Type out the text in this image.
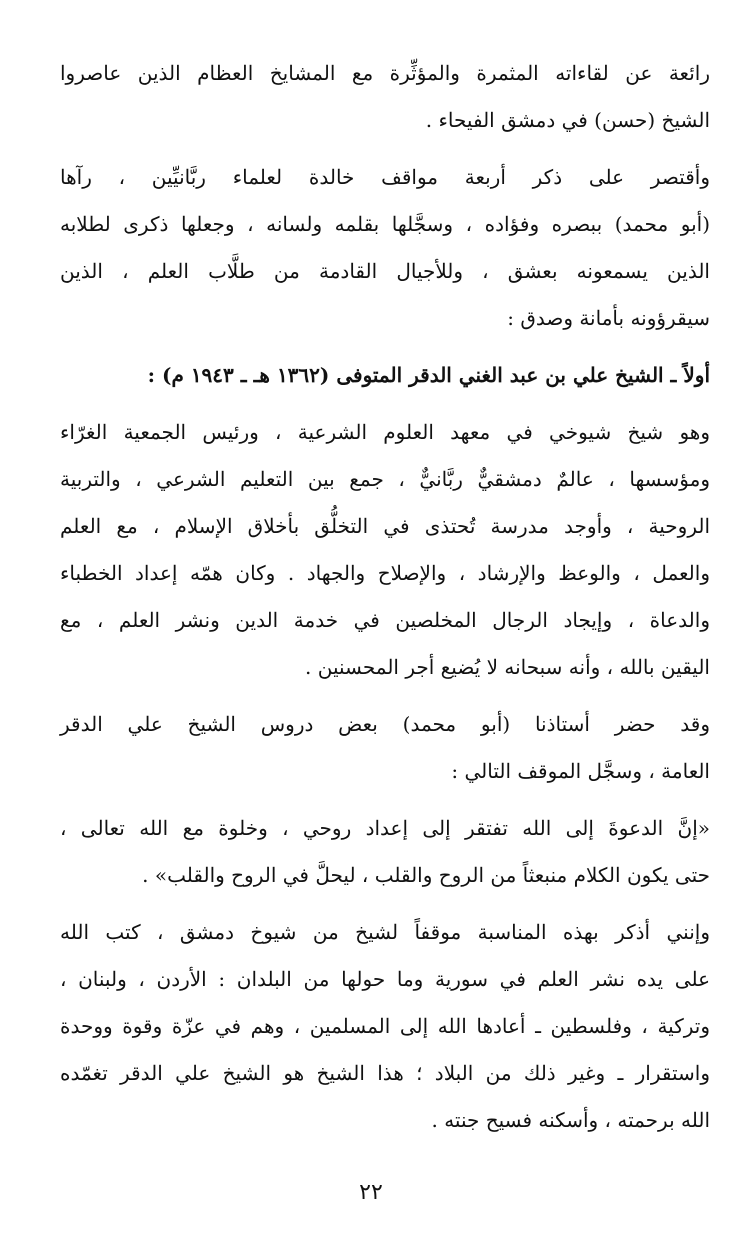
رائعة عن لقاءاته المثمرة والمؤثِّرة مع المشايخ العظام الذين عاصروا
الشيخ (حسن) في دمشق الفيحاء .
وأقتصر على ذكر أربعة مواقف خالدة لعلماء ربَّانيِّين ، رآها
(أبو محمد) ببصره وفؤاده ، وسجَّلها بقلمه ولسانه ، وجعلها ذكرى لطلابه
الذين يسمعونه بعشق ، وللأجيال القادمة من طلَّاب العلم ، الذين
سيقرؤونه بأمانة وصدق :
أولاً ـ الشيخ علي بن عبد الغني الدقر المتوفى (١٣٦٢ هـ ـ ١٩٤٣ م) :
وهو شيخ شيوخي في معهد العلوم الشرعية ، ورئيس الجمعية الغرّاء
ومؤسسها ، عالمٌ دمشقيٌّ ربَّانيٌّ ، جمع بين التعليم الشرعي ، والتربية
الروحية ، وأوجد مدرسة تُحتذى في التخلُّق بأخلاق الإسلام ، مع العلم
والعمل ، والوعظ والإرشاد ، والإصلاح والجهاد . وكان همّه إعداد الخطباء
والدعاة ، وإيجاد الرجال المخلصين في خدمة الدين ونشر العلم ، مع
اليقين بالله ، وأنه سبحانه لا يُضيع أجر المحسنين .
وقد حضر أستاذنا (أبو محمد) بعض دروس الشيخ علي الدقر
العامة ، وسجَّل الموقف التالي :
«إنَّ الدعوةَ إلى الله تفتقر إلى إعداد روحي ، وخلوة مع الله تعالى ،
حتى يكون الكلام منبعثاً من الروح والقلب ، ليحلَّ في الروح والقلب» .
وإنني أذكر بهذه المناسبة موقفاً لشيخ من شيوخ دمشق ، كتب الله
على يده نشر العلم في سورية وما حولها من البلدان : الأردن ، ولبنان ،
وتركية ، وفلسطين ـ أعادها الله إلى المسلمين ، وهم في عزّة وقوة ووحدة
واستقرار ـ وغير ذلك من البلاد ؛ هذا الشيخ هو الشيخ علي الدقر تغمّده
الله برحمته ، وأسكنه فسيح جنته .
٢٢
